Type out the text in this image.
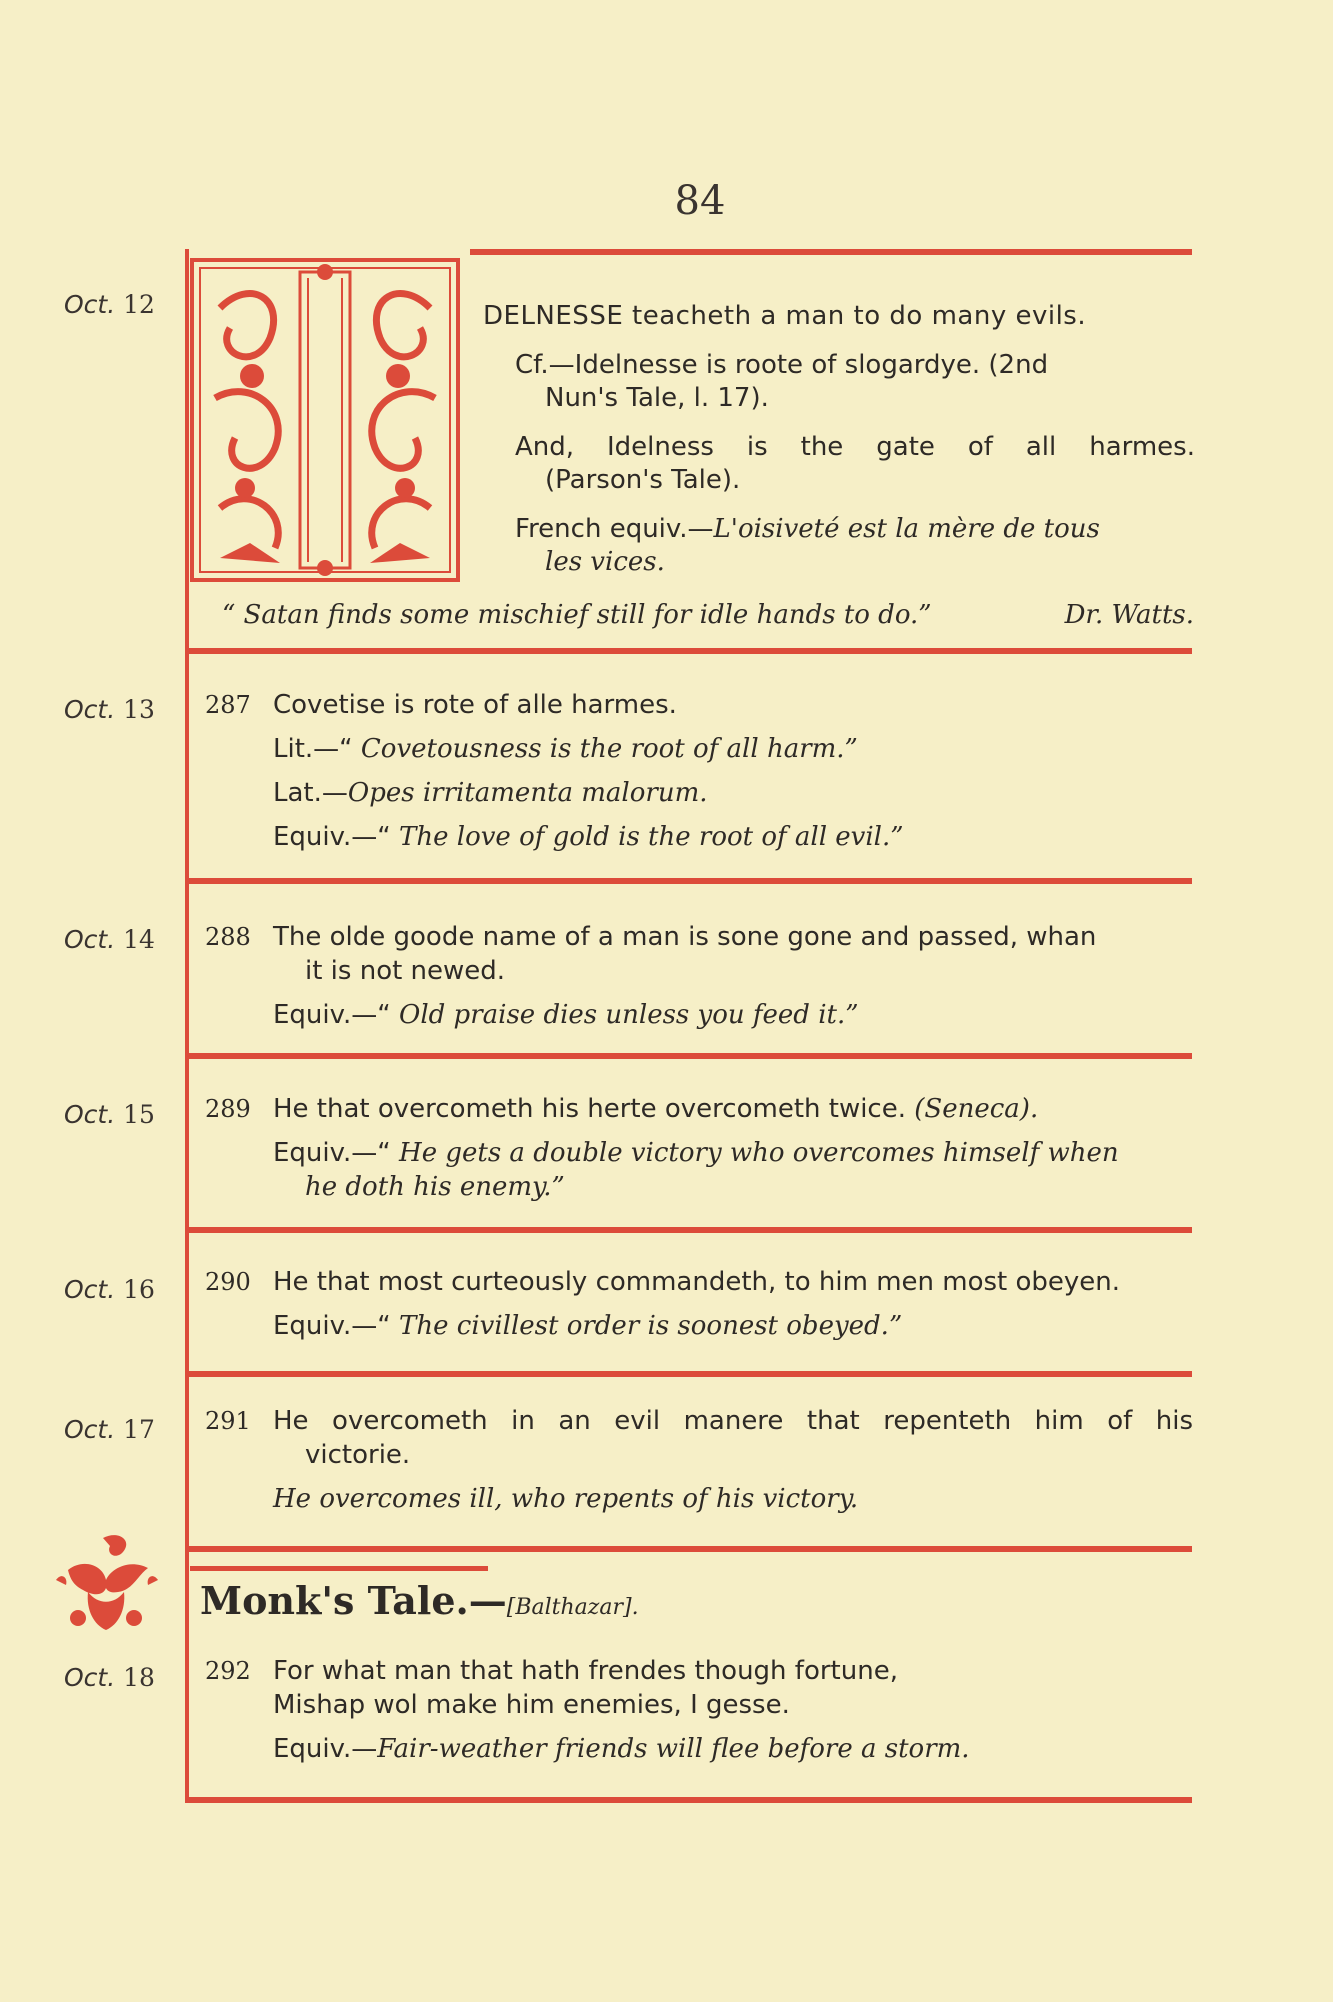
84
Oct. 12	DELNESSE teacheth a man to do many evils.
Cf.—Idelnesse is roote of slogardye. (2nd
Nun's Tale, l. 17).
And, Idelness is the gate of all harmes.
(Parson's Tale).
French equiv.—L'oisiveté est la mère de tous
les vices.
“ Satan finds some mischief still for idle hands to do.”	Dr. Watts.
Oct. 13 287 Covetise is rote of alle harmes.
Lit.—“ Covetousness is the root of all harm.”
Lat.—Opes irritamenta malorum.
Equiv.—“ The love of gold is the root of all evil.”
Oct. 14 288 The olde goode name of a man is sone gone and passed, whan
it is not newed.
Equiv.—“ Old praise dies unless you feed it.”
Oct. 15 289 He that overcometh his herte overcometh twice. (Seneca).
Equiv.—“ He gets a double victory who overcomes himself when
he doth his enemy.”
Oct. 16 290 He that most curteously commandeth, to him men most obeyen.
Equiv.—“ The civillest order is soonest obeyed.”
Oct. 17 291 He overcometh in an evil manere that repenteth him of his
victorie.
He overcomes ill, who repents of his victory.
Monk's Tale.—[Balthazar].
Oct. 18 292 For what man that hath frendes though fortune,
Mishap wol make him enemies, I gesse.
Equiv.—Fair-weather friends will flee before a storm.
